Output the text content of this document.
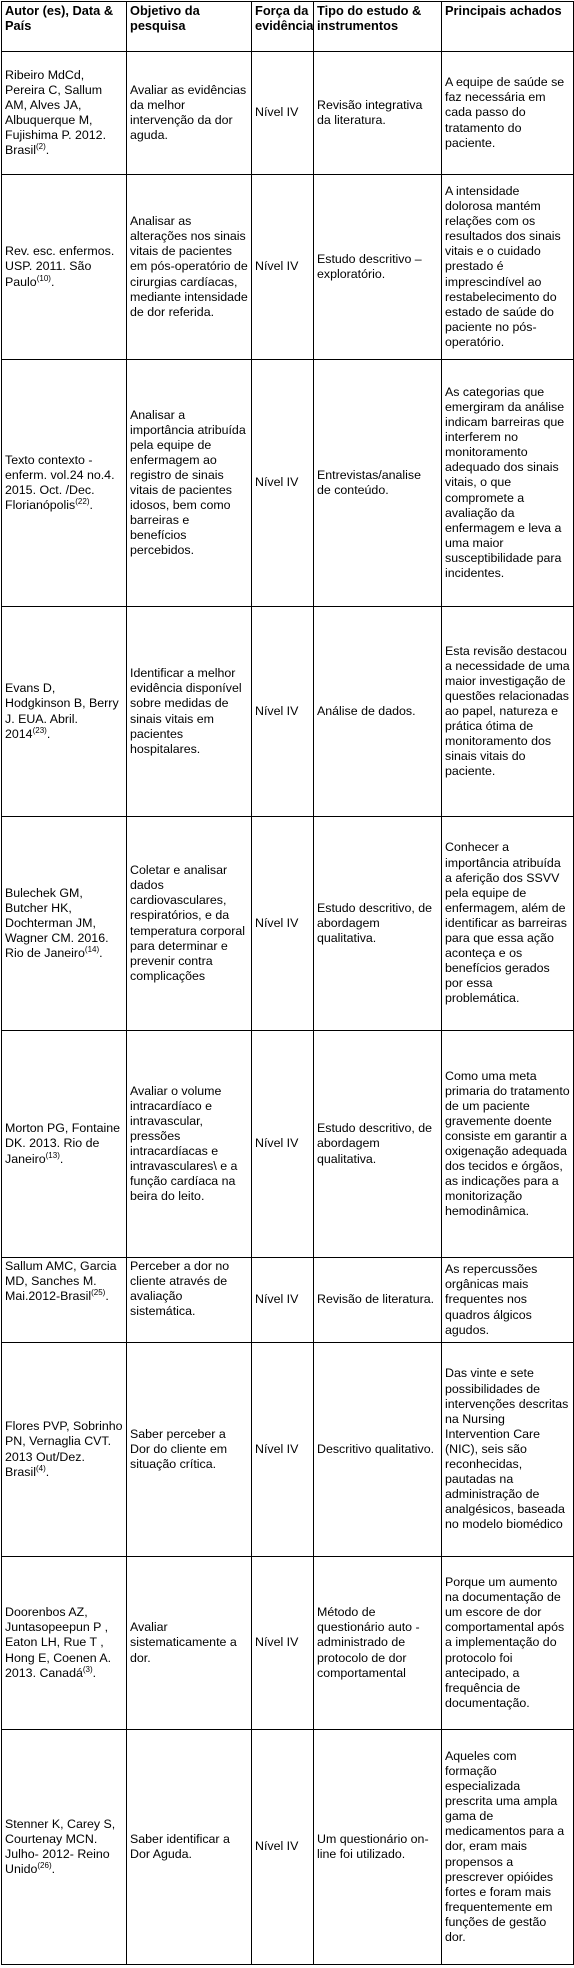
Autor (es), Data & País	Objetivo da pesquisa	Força da evidência	Tipo do estudo & instrumentos	Principais achados
Ribeiro MdCd, Pereira C, Sallum AM, Alves JA, Albuquerque M, Fujishima P. 2012. Brasil$^{(2)}$.	Avaliar as evidências da melhor intervenção da dor aguda.	Nível IV	Revisão integrativa da literatura.	A equipe de saúde se faz necessária em cada passo do tratamento do paciente.
Rev. esc. enfermos. USP. 2011. São Paulo$^{(10)}$.	Analisar as alterações nos sinais vitais de pacientes em pós-operatório de cirurgias cardíacas, mediante intensidade de dor referida.	Nível IV	Estudo descritivo – exploratório.	A intensidade dolorosa mantém relações com os resultados dos sinais vitais e o cuidado prestado é imprescindível ao restabelecimento do estado de saúde do paciente no pós-operatório.
Texto contexto - enferm. vol.24 no.4. 2015. Oct. /Dec. Florianópolis$^{(22)}$.	Analisar a importância atribuída pela equipe de enfermagem ao registro de sinais vitais de pacientes idosos, bem como barreiras e benefícios percebidos.	Nível IV	Entrevistas/analise de conteúdo.	As categorias que emergiram da análise indicam barreiras que interferem no monitoramento adequado dos sinais vitais, o que compromete a avaliação da enfermagem e leva a uma maior susceptibilidade para incidentes.
Evans D, Hodgkinson B, Berry J. EUA. Abril. 2014$^{(23)}$.	Identificar a melhor evidência disponível sobre medidas de sinais vitais em pacientes hospitalares.	Nível IV	Análise de dados.	Esta revisão destacou a necessidade de uma maior investigação de questões relacionadas ao papel, natureza e prática ótima de monitoramento dos sinais vitais do paciente.
Bulechek GM, Butcher HK, Dochterman JM, Wagner CM. 2016. Rio de Janeiro$^{(14)}$.	Coletar e analisar dados cardiovasculares, respiratórios, e da temperatura corporal para determinar e prevenir contra complicações	Nível IV	Estudo descritivo, de abordagem qualitativa.	Conhecer a importância atribuída a aferição dos SSVV pela equipe de enfermagem, além de identificar as barreiras para que essa ação aconteça e os benefícios gerados por essa problemática.
Morton PG, Fontaine DK. 2013. Rio de Janeiro$^{(13)}$.	Avaliar o volume intracardíaco e intravascular, pressões intracardíacas e intravasculares\ e a função cardíaca na beira do leito.	Nível IV	Estudo descritivo, de abordagem qualitativa.	Como uma meta primaria do tratamento de um paciente gravemente doente consiste em garantir a oxigenação adequada dos tecidos e órgãos, as indicações para a monitorização hemodinâmica.
Sallum AMC, Garcia MD, Sanches M. Mai.2012-Brasil$^{(25)}$.	Perceber a dor no cliente através de avaliação sistemática.	Nível IV	Revisão de literatura.	As repercussões orgânicas mais frequentes nos quadros álgicos agudos.
Flores PVP, Sobrinho PN, Vernaglia CVT. 2013 Out/Dez. Brasil$^{(4)}$.	Saber perceber a Dor do cliente em situação crítica.	Nível IV	Descritivo qualitativo.	Das vinte e sete possibilidades de intervenções descritas na Nursing Intervention Care (NIC), seis são reconhecidas, pautadas na administração de analgésicos, baseada no modelo biomédico
Doorenbos AZ, Juntasopeepun P , Eaton LH, Rue T , Hong E, Coenen A. 2013. Canadá$^{(3)}$.	Avaliar sistematicamente a dor.	Nível IV	Método de questionário auto - administrado de protocolo de dor comportamental	Porque um aumento na documentação de um escore de dor comportamental após a implementação do protocolo foi antecipado, a frequência de documentação.
Stenner K, Carey S, Courtenay MCN. Julho- 2012- Reino Unido$^{(26)}$.	Saber identificar a Dor Aguda.	Nível IV	Um questionário on-line foi utilizado.	Aqueles com formação especializada prescrita uma ampla gama de medicamentos para a dor, eram mais propensos a prescrever opióides fortes e foram mais frequentemente em funções de gestão dor.
